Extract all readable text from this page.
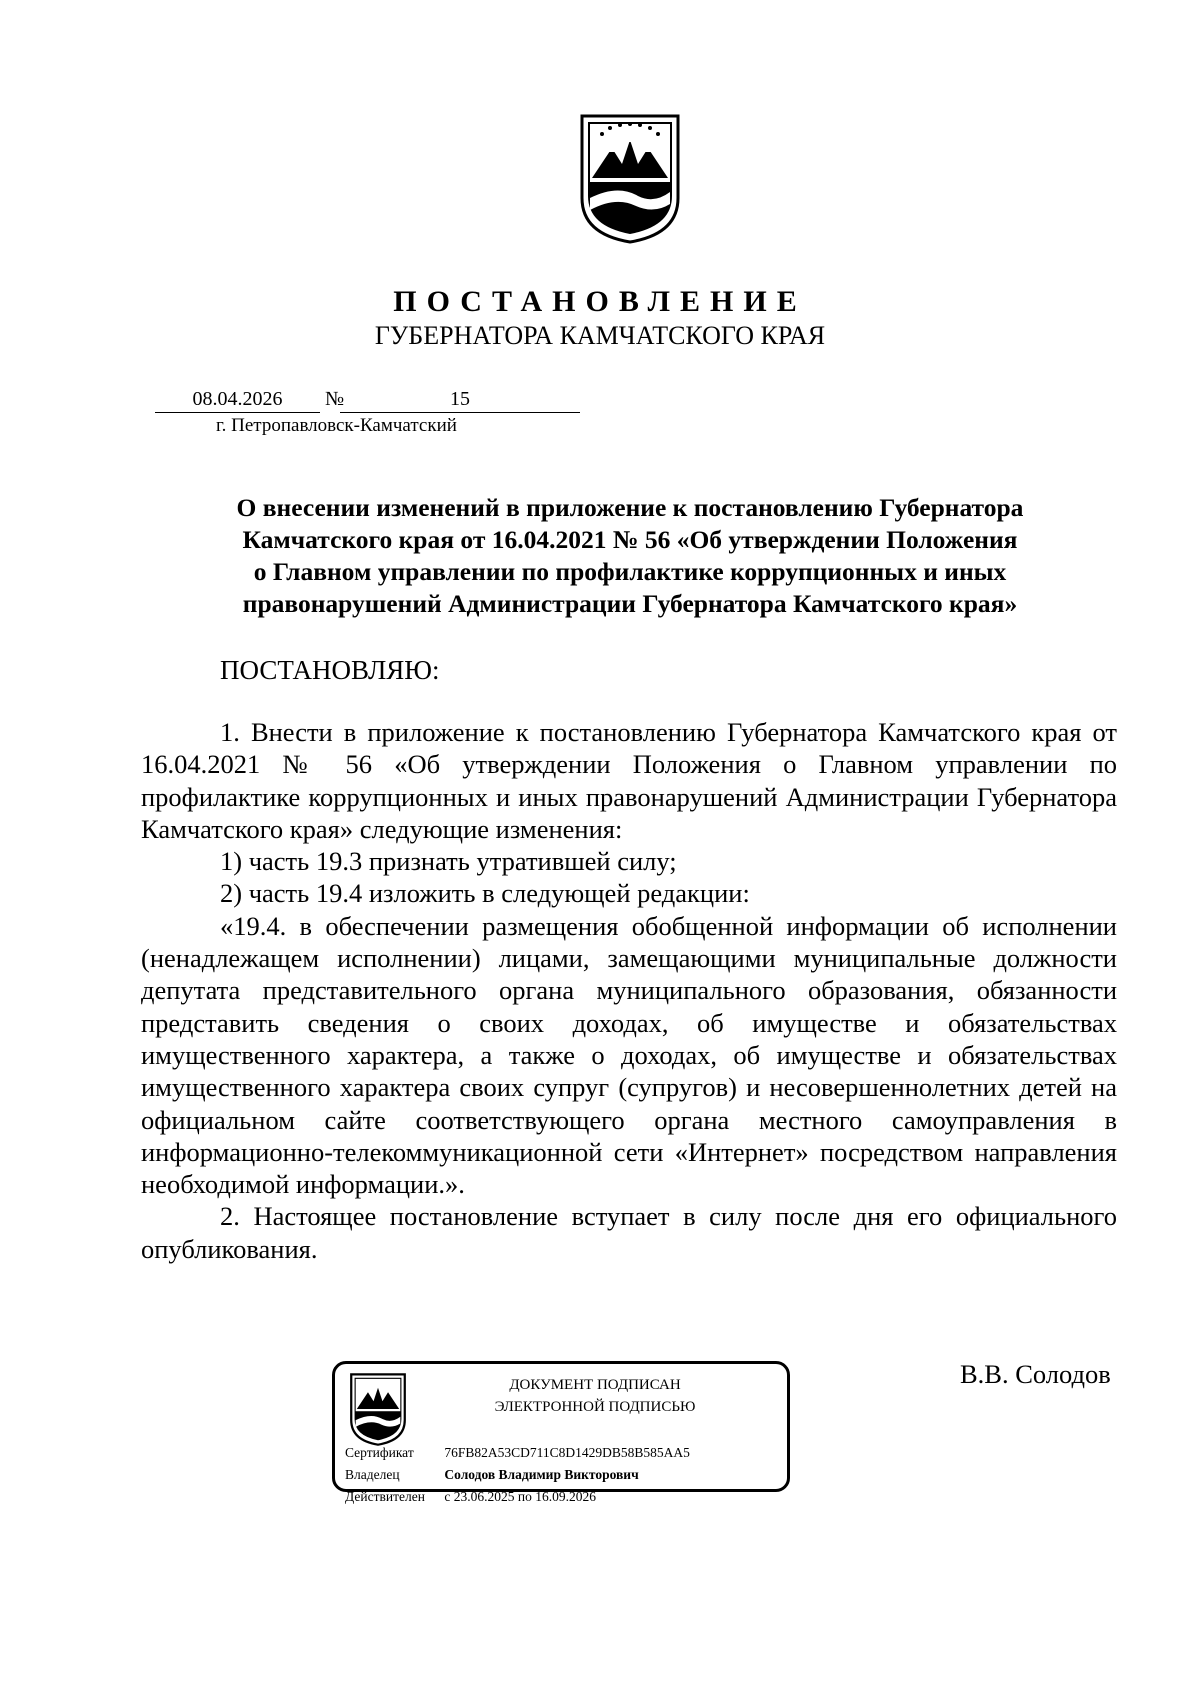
ПОСТАНОВЛЕНИЕ
ГУБЕРНАТОРА КАМЧАТСКОГО КРАЯ
08.04.2026	№	15
г. Петропавловск-Камчатский
О внесении изменений в приложение к постановлению Губернатора
Камчатского края от 16.04.2021 № 56 «Об утверждении Положения
о Главном управлении по профилактике коррупционных и иных
правонарушений Администрации Губернатора Камчатского края»
ПОСТАНОВЛЯЮ:

1. Внести в приложение к постановлению Губернатора Камчатского края от 16.04.2021 № 56 «Об утверждении Положения о Главном управлении по профилактике коррупционных и иных правонарушений Администрации Губернатора Камчатского края» следующие изменения:

1) часть 19.3 признать утратившей силу;

2) часть 19.4 изложить в следующей редакции:

«19.4. в обеспечении размещения обобщенной информации об исполнении (ненадлежащем исполнении) лицами, замещающими муниципальные должности депутата представительного органа муниципального образования, обязанности представить сведения о своих доходах, об имуществе и обязательствах имущественного характера, а также о доходах, об имуществе и обязательствах имущественного характера своих супруг (супругов) и несовершеннолетних детей на официальном сайте соответствующего органа местного самоуправления в информационно-телекоммуникационной сети «Интернет» посредством направления необходимой информации.».

2. Настоящее постановление вступает в силу после дня его официального опубликования.

ДОКУМЕНТ ПОДПИСАН
ЭЛЕКТРОННОЙ ПОДПИСЬЮ
Сертификат 76FB82A53CD711C8D1429DB58B585AA5
Владелец	Солодов Владимир Викторович
Действителен с 23.06.2025 по 16.09.2026
В.В. Солодов
